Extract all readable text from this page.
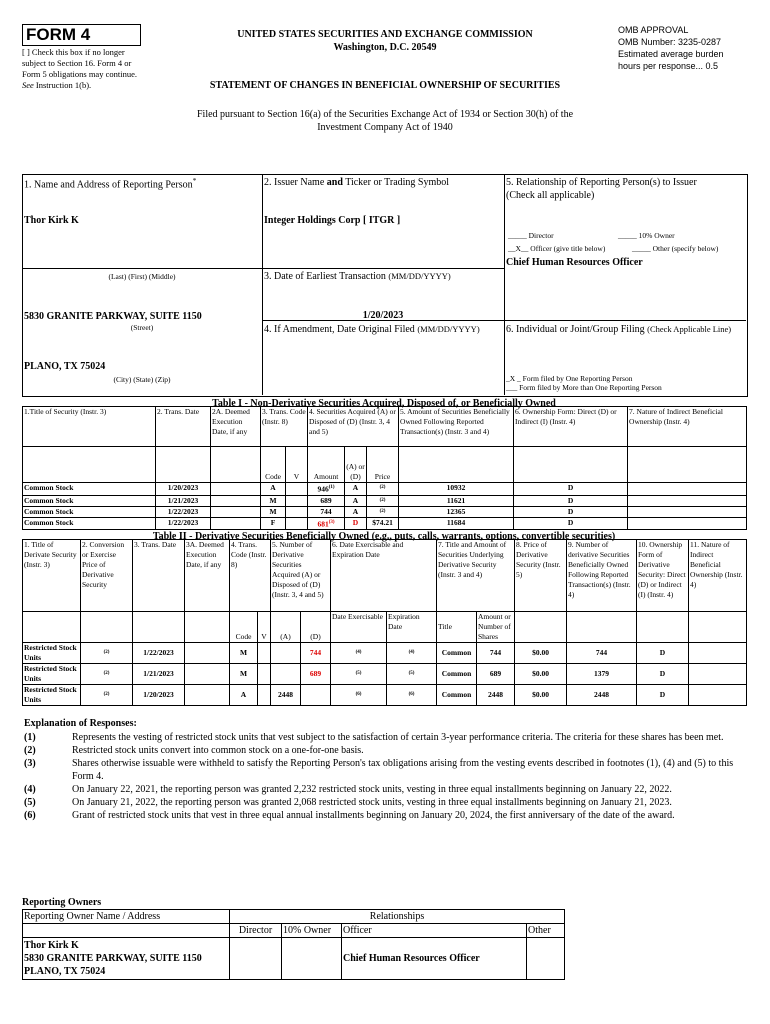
FORM 4
[ ] Check this box if no longer subject to Section 16. Form 4 or Form 5 obligations may continue. See Instruction 1(b).
UNITED STATES SECURITIES AND EXCHANGE COMMISSION
Washington, D.C. 20549
STATEMENT OF CHANGES IN BENEFICIAL OWNERSHIP OF SECURITIES
OMB APPROVAL
OMB Number: 3235-0287
Estimated average burden
hours per response... 0.5
Filed pursuant to Section 16(a) of the Securities Exchange Act of 1934 or Section 30(h) of the
Investment Company Act of 1940
1. Name and Address of Reporting Person*
Thor Kirk K
(Last) (First) (Middle)
5830 GRANITE PARKWAY, SUITE 1150
(Street)
PLANO, TX 75024
(City) (State) (Zip)
2. Issuer Name and Ticker or Trading Symbol
Integer Holdings Corp [ ITGR ]
3. Date of Earliest Transaction (MM/DD/YYYY)
1/20/2023
4. If Amendment, Date Original Filed (MM/DD/YYYY)
5. Relationship of Reporting Person(s) to Issuer
(Check all applicable)
_____ Director	_____ 10% Owner
__X__ Officer (give title below)	_____ Other (specify below)
Chief Human Resources Officer
6. Individual or Joint/Group Filing (Check Applicable Line)
_X _ Form filed by One Reporting Person
___ Form filed by More than One Reporting Person
Table I - Non-Derivative Securities Acquired, Disposed of, or Beneficially Owned
1.Title of Security (Instr. 3)	2. Trans. Date	2A. Deemed Execution Date, if any	3. Trans. Code (Instr. 8)		4. Securities Acquired (A) or Disposed of (D) (Instr. 3, 4 and 5)			5. Amount of Securities Beneficially Owned Following Reported Transaction(s) (Instr. 3 and 4)	6. Ownership Form: Direct (D) or Indirect (I) (Instr. 4)	7. Nature of Indirect Beneficial Ownership (Instr. 4)
			Code	V	Amount	(A) or (D)	Price			
Common Stock	1/20/2023		A		946$^{(1)}$	A	(2)	10932	D	
Common Stock	1/21/2023		M		689	A	(2)	11621	D	
Common Stock	1/22/2023		M		744	A	(2)	12365	D	
Common Stock	1/22/2023		F		681$^{(3)}$	D	$74.21	11684	D	
Table II - Derivative Securities Beneficially Owned (e.g., puts, calls, warrants, options, convertible securities)
1. Title of Derivate Security (Instr. 3)	2. Conversion or Exercise Price of Derivative Security	3. Trans. Date	3A. Deemed Execution Date, if any	4. Trans. Code (Instr. 8)		5. Number of Derivative Securities Acquired (A) or Disposed of (D) (Instr. 3, 4 and 5)		6. Date Exercisable and Expiration Date		7. Title and Amount of Securities Underlying Derivative Security (Instr. 3 and 4)		8. Price of Derivative Security (Instr. 5)	9. Number of derivative Securities Beneficially Owned Following Reported Transaction(s) (Instr. 4)	10. Ownership Form of Derivative Security: Direct (D) or Indirect (I) (Instr. 4)	11. Nature of Indirect Beneficial Ownership (Instr. 4)
				Code	V	(A)	(D)	Date Exercisable	Expiration Date	Title	Amount or Number of Shares				
Restricted Stock Units	(2)	1/22/2023		M			744	(4)	(4)	Common	744	$0.00	744	D	
Restricted Stock Units	(2)	1/21/2023		M			689	(5)	(5)	Common	689	$0.00	1379	D	
Restricted Stock Units	(2)	1/20/2023		A		2448		(6)	(6)	Common	2448	$0.00	2448	D	
Explanation of Responses:
(1)	Represents the vesting of restricted stock units that vest subject to the satisfaction of certain 3-year performance criteria. The criteria for these shares has been met.
(2)	Restricted stock units convert into common stock on a one-for-one basis.
(3)	Shares otherwise issuable were withheld to satisfy the Reporting Person's tax obligations arising from the vesting events described in footnotes (1), (4) and (5) to this Form 4.
(4)	On January 22, 2021, the reporting person was granted 2,232 restricted stock units, vesting in three equal installments beginning on January 22, 2022.
(5)	On January 21, 2022, the reporting person was granted 2,068 restricted stock units, vesting in three equal installments beginning on January 21, 2023.
(6)	Grant of restricted stock units that vest in three equal annual installments beginning on January 20, 2024, the first anniversary of the date of the award.
Reporting Owners
Reporting Owner Name / Address	Relationships			
	Director	10% Owner	Officer	Other

Thor Kirk K
5830 GRANITE PARKWAY, SUITE 1150
PLANO, TX 75024			Chief Human Resources Officer	
